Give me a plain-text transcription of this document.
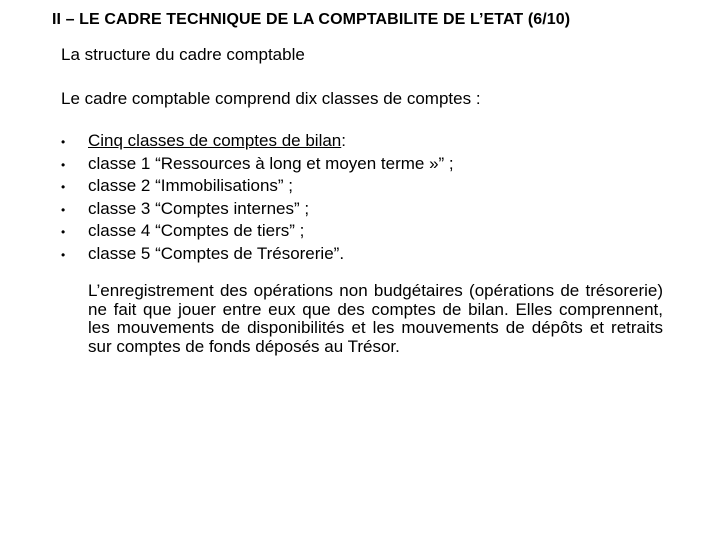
II – LE CADRE TECHNIQUE DE LA COMPTABILITE DE L’ETAT (6/10)
La structure du cadre comptable
Le cadre comptable comprend dix classes de comptes :
•	Cinq classes de comptes de bilan:
•	classe 1 “Ressources à long et moyen terme »” ;
•	classe 2 “Immobilisations” ;
•	classe 3 “Comptes internes” ;
•	classe 4 “Comptes de tiers” ;
•	classe 5 “Comptes de Trésorerie”.
L’enregistrement des opérations non budgétaires (opérations de trésorerie) ne fait que jouer entre eux que des comptes de bilan. Elles comprennent, les mouvements de disponibilités et les mouvements de dépôts et retraits sur comptes de fonds déposés au Trésor.
